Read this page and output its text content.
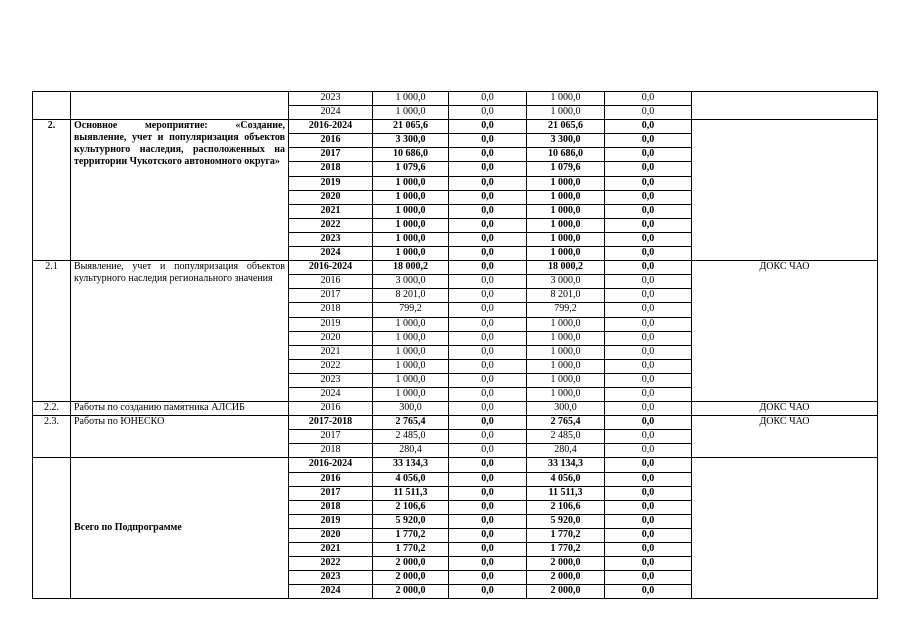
		2023	1 000,0	0,0	1 000,0	0,0	
		2024	1 000,0	0,0	1 000,0	0,0	
2.	Основное мероприятие: «Создание, выявление, учет и популяризация объектов культурного наследия, расположенных на территории Чукотского автономного округа»	2016-2024	21 065,6	0,0	21 065,6	0,0	
		2016	3 300,0	0,0	3 300,0	0,0	
		2017	10 686,0	0,0	10 686,0	0,0	
		2018	1 079,6	0,0	1 079,6	0,0	
		2019	1 000,0	0,0	1 000,0	0,0	
		2020	1 000,0	0,0	1 000,0	0,0	
		2021	1 000,0	0,0	1 000,0	0,0	
		2022	1 000,0	0,0	1 000,0	0,0	
		2023	1 000,0	0,0	1 000,0	0,0	
		2024	1 000,0	0,0	1 000,0	0,0	
2.1	Выявление, учет и популяризация объектов культурного наследия регионального значения	2016-2024	18 000,2	0,0	18 000,2	0,0	ДОКС ЧАО
		2016	3 000,0	0,0	3 000,0	0,0	
		2017	8 201,0	0,0	8 201,0	0,0	
		2018	799,2	0,0	799,2	0,0	
		2019	1 000,0	0,0	1 000,0	0,0	
		2020	1 000,0	0,0	1 000,0	0,0	
		2021	1 000,0	0,0	1 000,0	0,0	
		2022	1 000,0	0,0	1 000,0	0,0	
		2023	1 000,0	0,0	1 000,0	0,0	
		2024	1 000,0	0,0	1 000,0	0,0	
2.2.	Работы по созданию памятника АЛСИБ	2016	300,0	0,0	300,0	0,0	ДОКС ЧАО
2.3.	Работы по ЮНЕСКО	2017-2018	2 765,4	0,0	2 765,4	0,0	ДОКС ЧАО
		2017	2 485,0	0,0	2 485,0	0,0	
		2018	280,4	0,0	280,4	0,0	
	Всего по Подпрограмме	2016-2024	33 134,3	0,0	33 134,3	0,0	
		2016	4 056,0	0,0	4 056,0	0,0	
		2017	11 511,3	0,0	11 511,3	0,0	
		2018	2 106,6	0,0	2 106,6	0,0	
		2019	5 920,0	0,0	5 920,0	0,0	
		2020	1 770,2	0,0	1 770,2	0,0	
		2021	1 770,2	0,0	1 770,2	0,0	
		2022	2 000,0	0,0	2 000,0	0,0	
		2023	2 000,0	0,0	2 000,0	0,0	
		2024	2 000,0	0,0	2 000,0	0,0	
